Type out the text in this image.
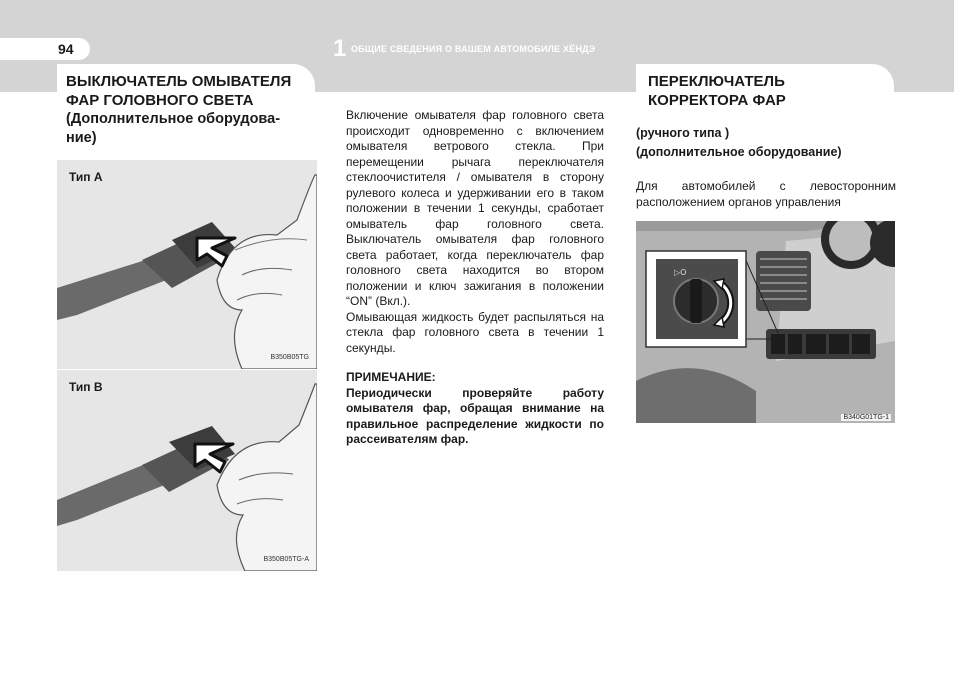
94	1 ОБЩИЕ СВЕДЕНИЯ О ВАШЕМ АВТОМОБИЛЕ ХЁНДЭ
ВЫКЛЮЧАТЕЛЬ ОМЫВАТЕЛЯ
ФАР ГОЛОВНОГО СВЕТА
(Дополнительное оборудова-
ние)
Тип А
B350B05TG
Тип В
B350B05TG-A

Включение омывателя фар головного света происходит одновременно с включением омывателя ветрового стекла. При перемещении рычага переключателя стеклоочистителя / омывателя в сторону рулевого колеса и удерживании его в таком положении в течении 1 секунды, сработает омыватель фар головного света. Выключатель омывателя фар головного света работает, когда переключатель фар головного света находится во втором положении и ключ зажигания в положении “ON” (Вкл.).

Омывающая жидкость будет распыляться на стекла фар головного света в течении 1 секунды.

ПРИМЕЧАНИЕ:

Периодически проверяйте работу омывателя фар, обращая внимание на правильное распределение жидкости по рассеивателям фар.

ПЕРЕКЛЮЧАТЕЛЬ
КОРРЕКТОРА ФАР
(ручного типа )
(дополнительное оборудование)
Для автомобилей с левосторонним расположением органов управления
▷O
B340G01TG-1
